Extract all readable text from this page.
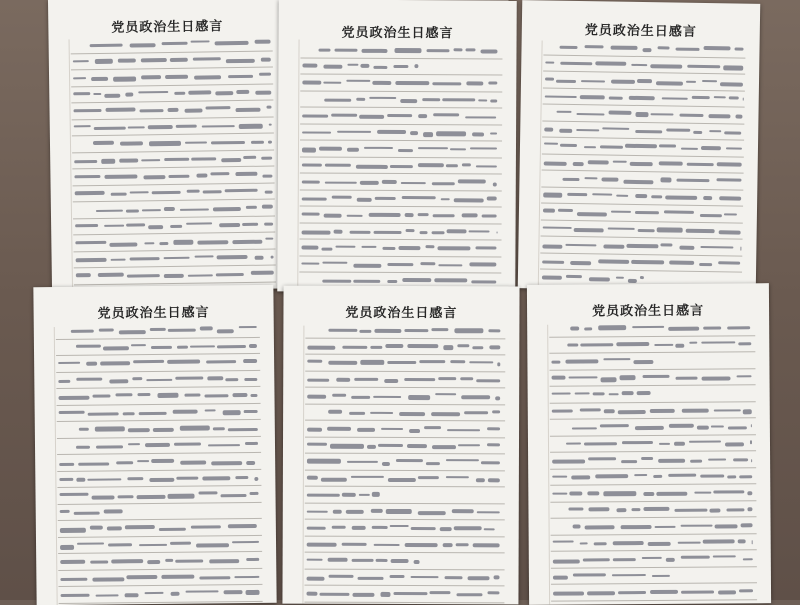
党员政治生日感言	党员政治生日感言	党员政治生日感言
党员政治生日感言	党员政治生日感言	党员政治生日感言
